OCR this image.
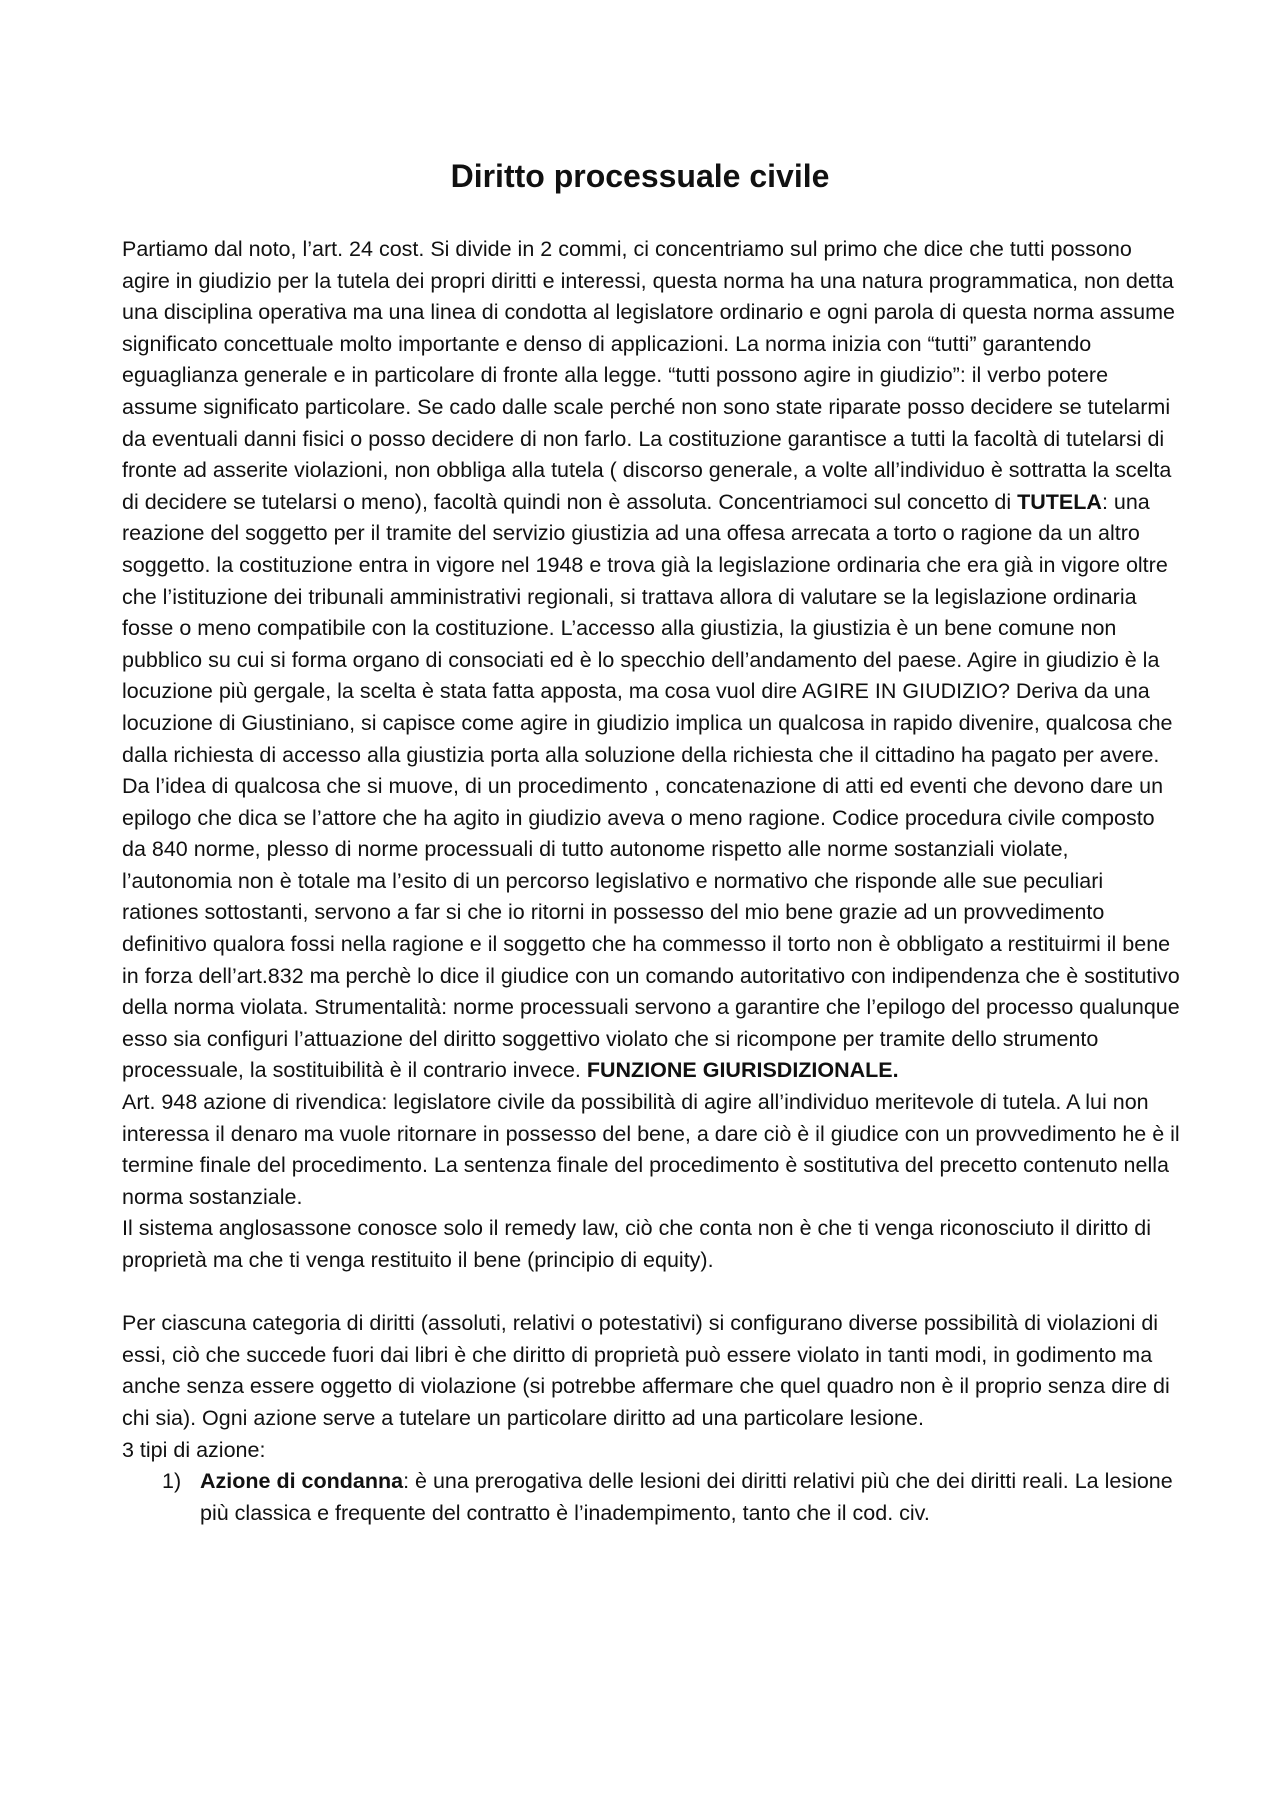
Diritto processuale civile

Partiamo dal noto, l’art. 24 cost. Si divide in 2 commi, ci concentriamo sul primo che dice che tutti possono agire in giudizio per la tutela dei propri diritti e interessi, questa norma ha una natura programmatica, non detta una disciplina operativa ma una linea di condotta al legislatore ordinario e ogni parola di questa norma assume significato concettuale molto importante e denso di applicazioni. La norma inizia con “tutti” garantendo eguaglianza generale e in particolare di fronte alla legge. “tutti possono agire in giudizio”: il verbo potere assume significato particolare. Se cado dalle scale perché non sono state riparate posso decidere se tutelarmi da eventuali danni fisici o posso decidere di non farlo. La costituzione garantisce a tutti la facoltà di tutelarsi di fronte ad asserite violazioni, non obbliga alla tutela ( discorso generale, a volte all’individuo è sottratta la scelta di decidere se tutelarsi o meno), facoltà quindi non è assoluta. Concentriamoci sul concetto di TUTELA: una reazione del soggetto per il tramite del servizio giustizia ad una offesa arrecata a torto o ragione da un altro soggetto. la costituzione entra in vigore nel 1948 e trova già la legislazione ordinaria che era già in vigore oltre che l’istituzione dei tribunali amministrativi regionali, si trattava allora di valutare se la legislazione ordinaria fosse o meno compatibile con la costituzione. L’accesso alla giustizia, la giustizia è un bene comune non pubblico su cui si forma organo di consociati ed è lo specchio dell’andamento del paese. Agire in giudizio è la locuzione più gergale, la scelta è stata fatta apposta, ma cosa vuol dire AGIRE IN GIUDIZIO? Deriva da una locuzione di Giustiniano, si capisce come agire in giudizio implica un qualcosa in rapido divenire, qualcosa che dalla richiesta di accesso alla giustizia porta alla soluzione della richiesta che il cittadino ha pagato per avere. Da l’idea di qualcosa che si muove, di un procedimento , concatenazione di atti ed eventi che devono dare un epilogo che dica se l’attore che ha agito in giudizio aveva o meno ragione. Codice procedura civile composto da 840 norme, plesso di norme processuali di tutto autonome rispetto alle norme sostanziali violate, l’autonomia non è totale ma l’esito di un percorso legislativo e normativo che risponde alle sue peculiari rationes sottostanti, servono a far si che io ritorni in possesso del mio bene grazie ad un provvedimento definitivo qualora fossi nella ragione e il soggetto che ha commesso il torto non è obbligato a restituirmi il bene in forza dell’art.832 ma perchè lo dice il giudice con un comando autoritativo con indipendenza che è sostitutivo della norma violata. Strumentalità: norme processuali servono a garantire che l’epilogo del processo qualunque esso sia configuri l’attuazione del diritto soggettivo violato che si ricompone per tramite dello strumento processuale, la sostituibilità è il contrario invece. FUNZIONE GIURISDIZIONALE.

Art. 948 azione di rivendica: legislatore civile da possibilità di agire all’individuo meritevole di tutela. A lui non interessa il denaro ma vuole ritornare in possesso del bene, a dare ciò è il giudice con un provvedimento he è il termine finale del procedimento. La sentenza finale del procedimento è sostitutiva del precetto contenuto nella norma sostanziale.

Il sistema anglosassone conosce solo il remedy law, ciò che conta non è che ti venga riconosciuto il diritto di proprietà ma che ti venga restituito il bene (principio di equity).

Per ciascuna categoria di diritti (assoluti, relativi o potestativi) si configurano diverse possibilità di violazioni di essi, ciò che succede fuori dai libri è che diritto di proprietà può essere violato in tanti modi, in godimento ma anche senza essere oggetto di violazione (si potrebbe affermare che quel quadro non è il proprio senza dire di chi sia). Ogni azione serve a tutelare un particolare diritto ad una particolare lesione.

3 tipi di azione:

1) Azione di condanna: è una prerogativa delle lesioni dei diritti relativi più che dei diritti reali. La lesione più classica e frequente del contratto è l’inadempimento, tanto che il cod. civ.
